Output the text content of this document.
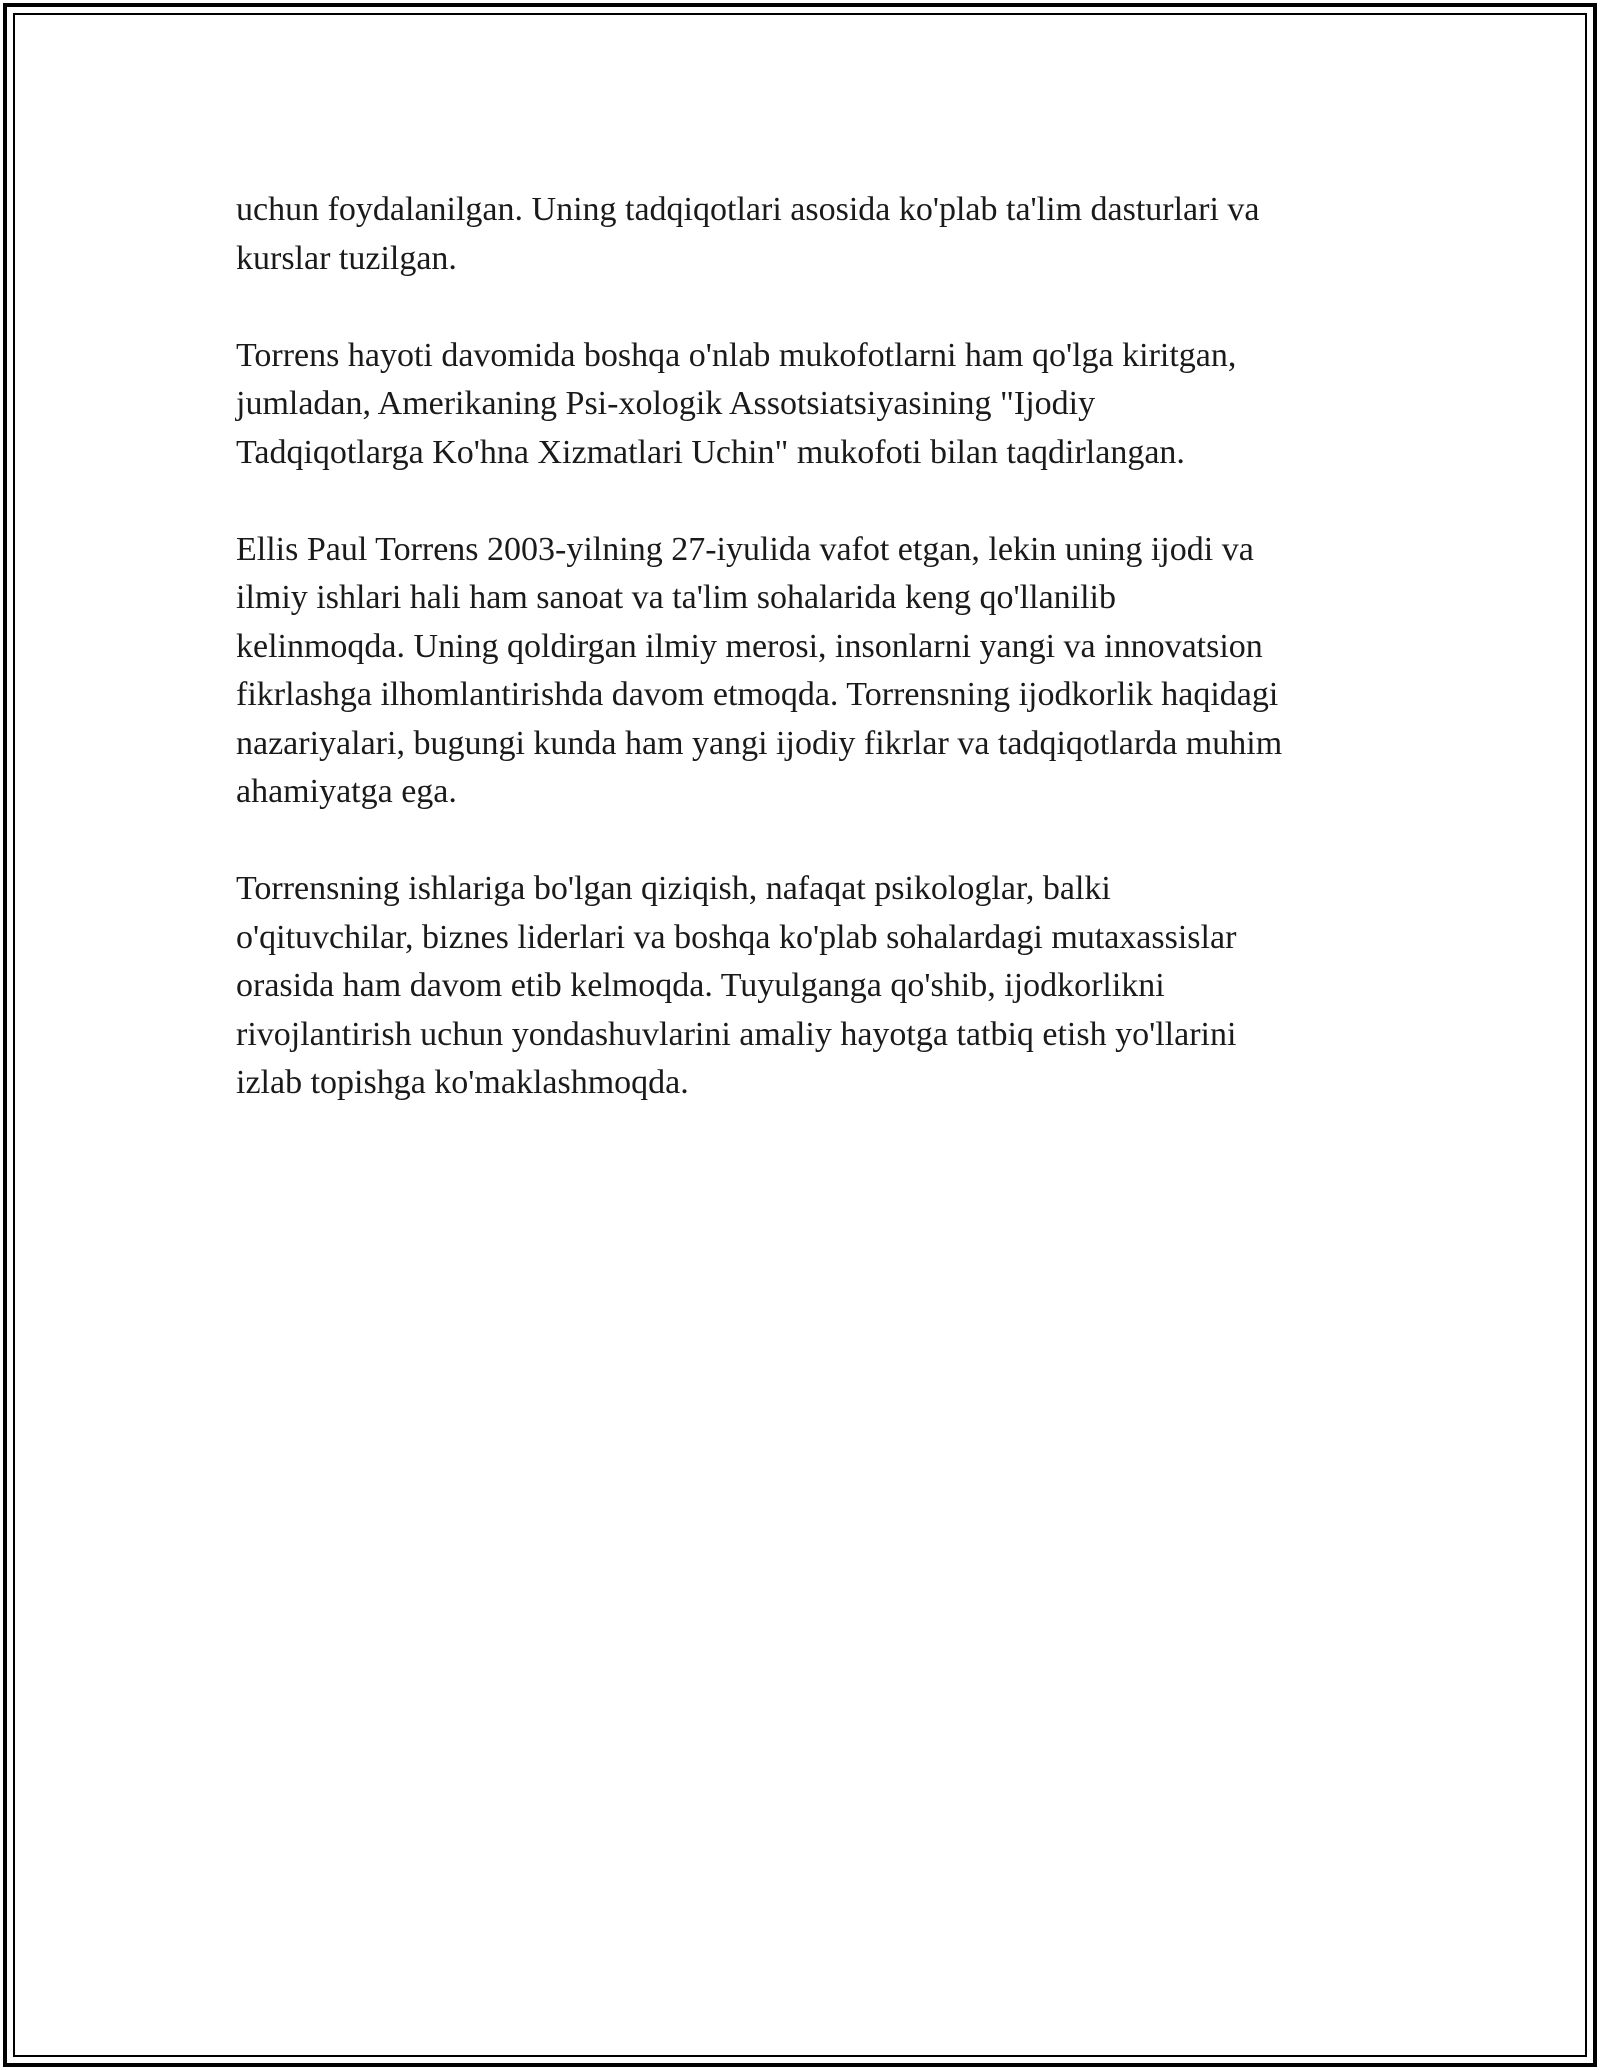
uchun foydalanilgan. Uning tadqiqotlari asosida ko'plab ta'lim dasturlari va
kurslar tuzilgan.

Torrens hayoti davomida boshqa o'nlab mukofotlarni ham qo'lga kiritgan,
jumladan, Amerikaning Psi-xologik Assotsiatsiyasining "Ijodiy
Tadqiqotlarga Ko'hna Xizmatlari Uchin" mukofoti bilan taqdirlangan.

Ellis Paul Torrens 2003-yilning 27-iyulida vafot etgan, lekin uning ijodi va
ilmiy ishlari hali ham sanoat va ta'lim sohalarida keng qo'llanilib
kelinmoqda. Uning qoldirgan ilmiy merosi, insonlarni yangi va innovatsion
fikrlashga ilhomlantirishda davom etmoqda. Torrensning ijodkorlik haqidagi
nazariyalari, bugungi kunda ham yangi ijodiy fikrlar va tadqiqotlarda muhim
ahamiyatga ega.

Torrensning ishlariga bo'lgan qiziqish, nafaqat psikologlar, balki
o'qituvchilar, biznes liderlari va boshqa ko'plab sohalardagi mutaxassislar
orasida ham davom etib kelmoqda. Tuyulganga qo'shib, ijodkorlikni
rivojlantirish uchun yondashuvlarini amaliy hayotga tatbiq etish yo'llarini
izlab topishga ko'maklashmoqda.
